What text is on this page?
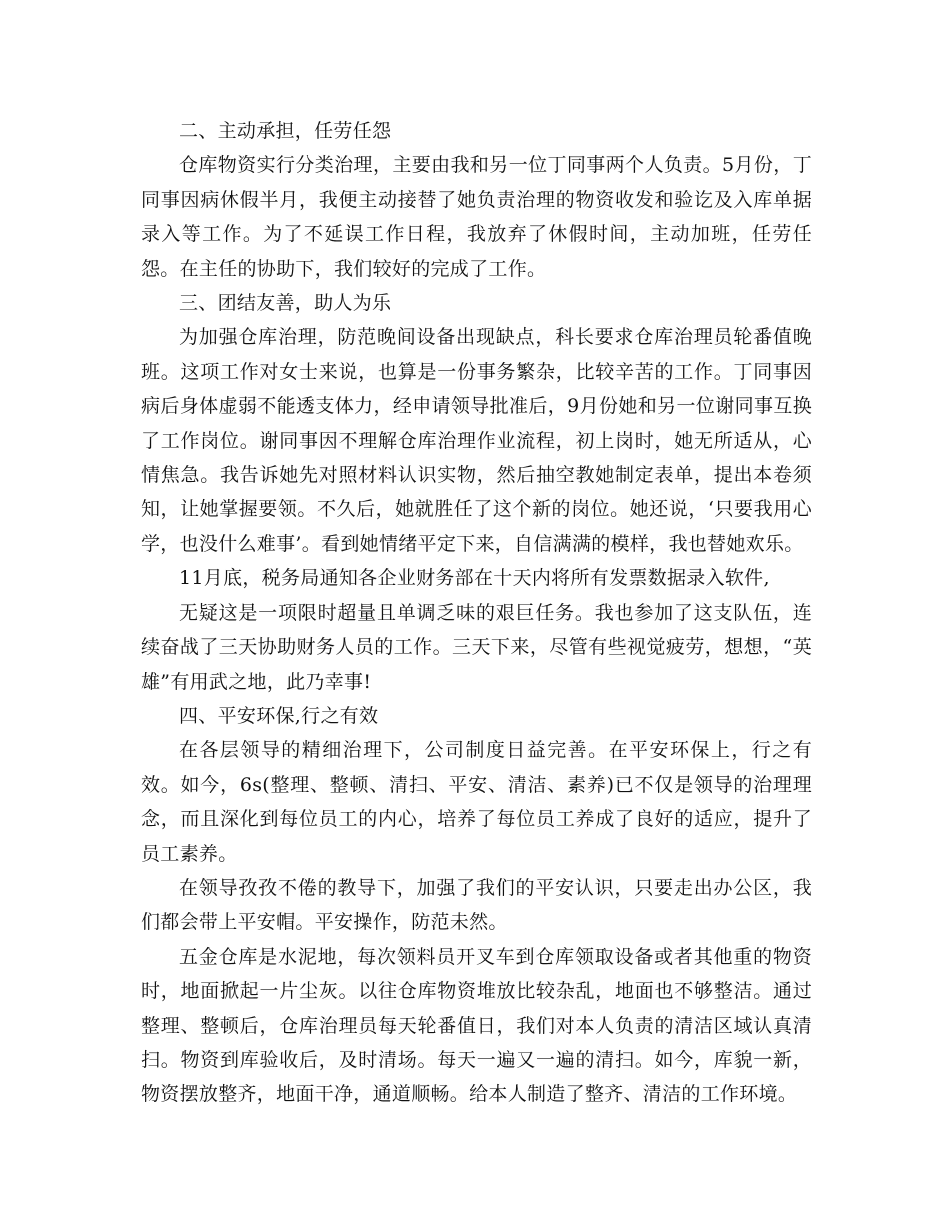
二、主动承担，任劳任怨

仓库物资实行分类治理，主要由我和另一位丁同事两个人负责。5月份，丁同事因病休假半月，我便主动接替了她负责治理的物资收发和验讫及入库单据录入等工作。为了不延误工作日程，我放弃了休假时间，主动加班，任劳任怨。在主任的协助下，我们较好的完成了工作。

三、团结友善，助人为乐

为加强仓库治理，防范晚间设备出现缺点，科长要求仓库治理员轮番值晚班。这项工作对女士来说，也算是一份事务繁杂，比较辛苦的工作。丁同事因病后身体虚弱不能透支体力，经申请领导批准后，9月份她和另一位谢同事互换了工作岗位。谢同事因不理解仓库治理作业流程，初上岗时，她无所适从，心情焦急。我告诉她先对照材料认识实物，然后抽空教她制定表单，提出本卷须知，让她掌握要领。不久后，她就胜任了这个新的岗位。她还说，‘只要我用心学，也没什么难事’。看到她情绪平定下来，自信满满的模样，我也替她欢乐。

11月底，税务局通知各企业财务部在十天内将所有发票数据录入软件,

无疑这是一项限时超量且单调乏味的艰巨任务。我也参加了这支队伍，连续奋战了三天协助财务人员的工作。三天下来，尽管有些视觉疲劳，想想，“英雄”有用武之地，此乃幸事!

四、平安环保,行之有效

在各层领导的精细治理下，公司制度日益完善。在平安环保上，行之有效。如今，6s(整理、整顿、清扫、平安、清洁、素养)已不仅是领导的治理理念，而且深化到每位员工的内心，培养了每位员工养成了良好的适应，提升了员工素养。

在领导孜孜不倦的教导下，加强了我们的平安认识，只要走出办公区，我们都会带上平安帽。平安操作，防范未然。

五金仓库是水泥地，每次领料员开叉车到仓库领取设备或者其他重的物资时，地面掀起一片尘灰。以往仓库物资堆放比较杂乱，地面也不够整洁。通过整理、整顿后，仓库治理员每天轮番值日，我们对本人负责的清洁区域认真清扫。物资到库验收后，及时清场。每天一遍又一遍的清扫。如今，库貌一新，物资摆放整齐，地面干净，通道顺畅。给本人制造了整齐、清洁的工作环境。
